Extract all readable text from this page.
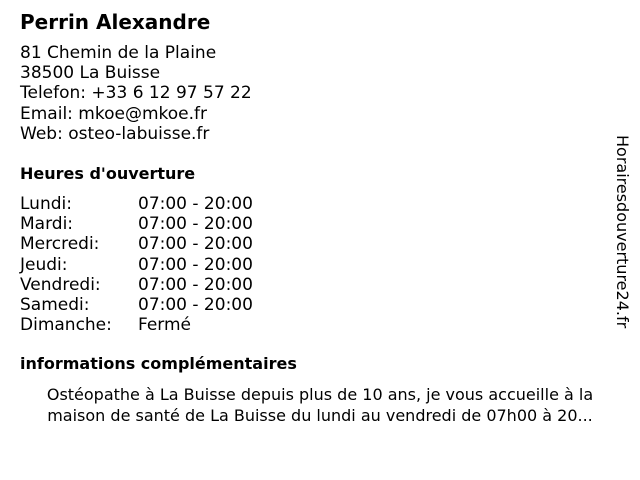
Perrin Alexandre
81 Chemin de la Plaine
38500 La Buisse
Telefon: +33 6 12 97 57 22
Email: mkoe@mkoe.fr
Web: osteo-labuisse.fr
Heures d'ouverture
Lundi:	07:00 - 20:00
Mardi:	07:00 - 20:00
Mercredi:	07:00 - 20:00
Jeudi:	07:00 - 20:00
Vendredi:	07:00 - 20:00
Samedi:	07:00 - 20:00
Dimanche:	Fermé
informations complémentaires
Ostéopathe à La Buisse depuis plus de 10 ans, je vous accueille à la
maison de santé de La Buisse du lundi au vendredi de 07h00 à 20...
Horairesdouverture24.fr
